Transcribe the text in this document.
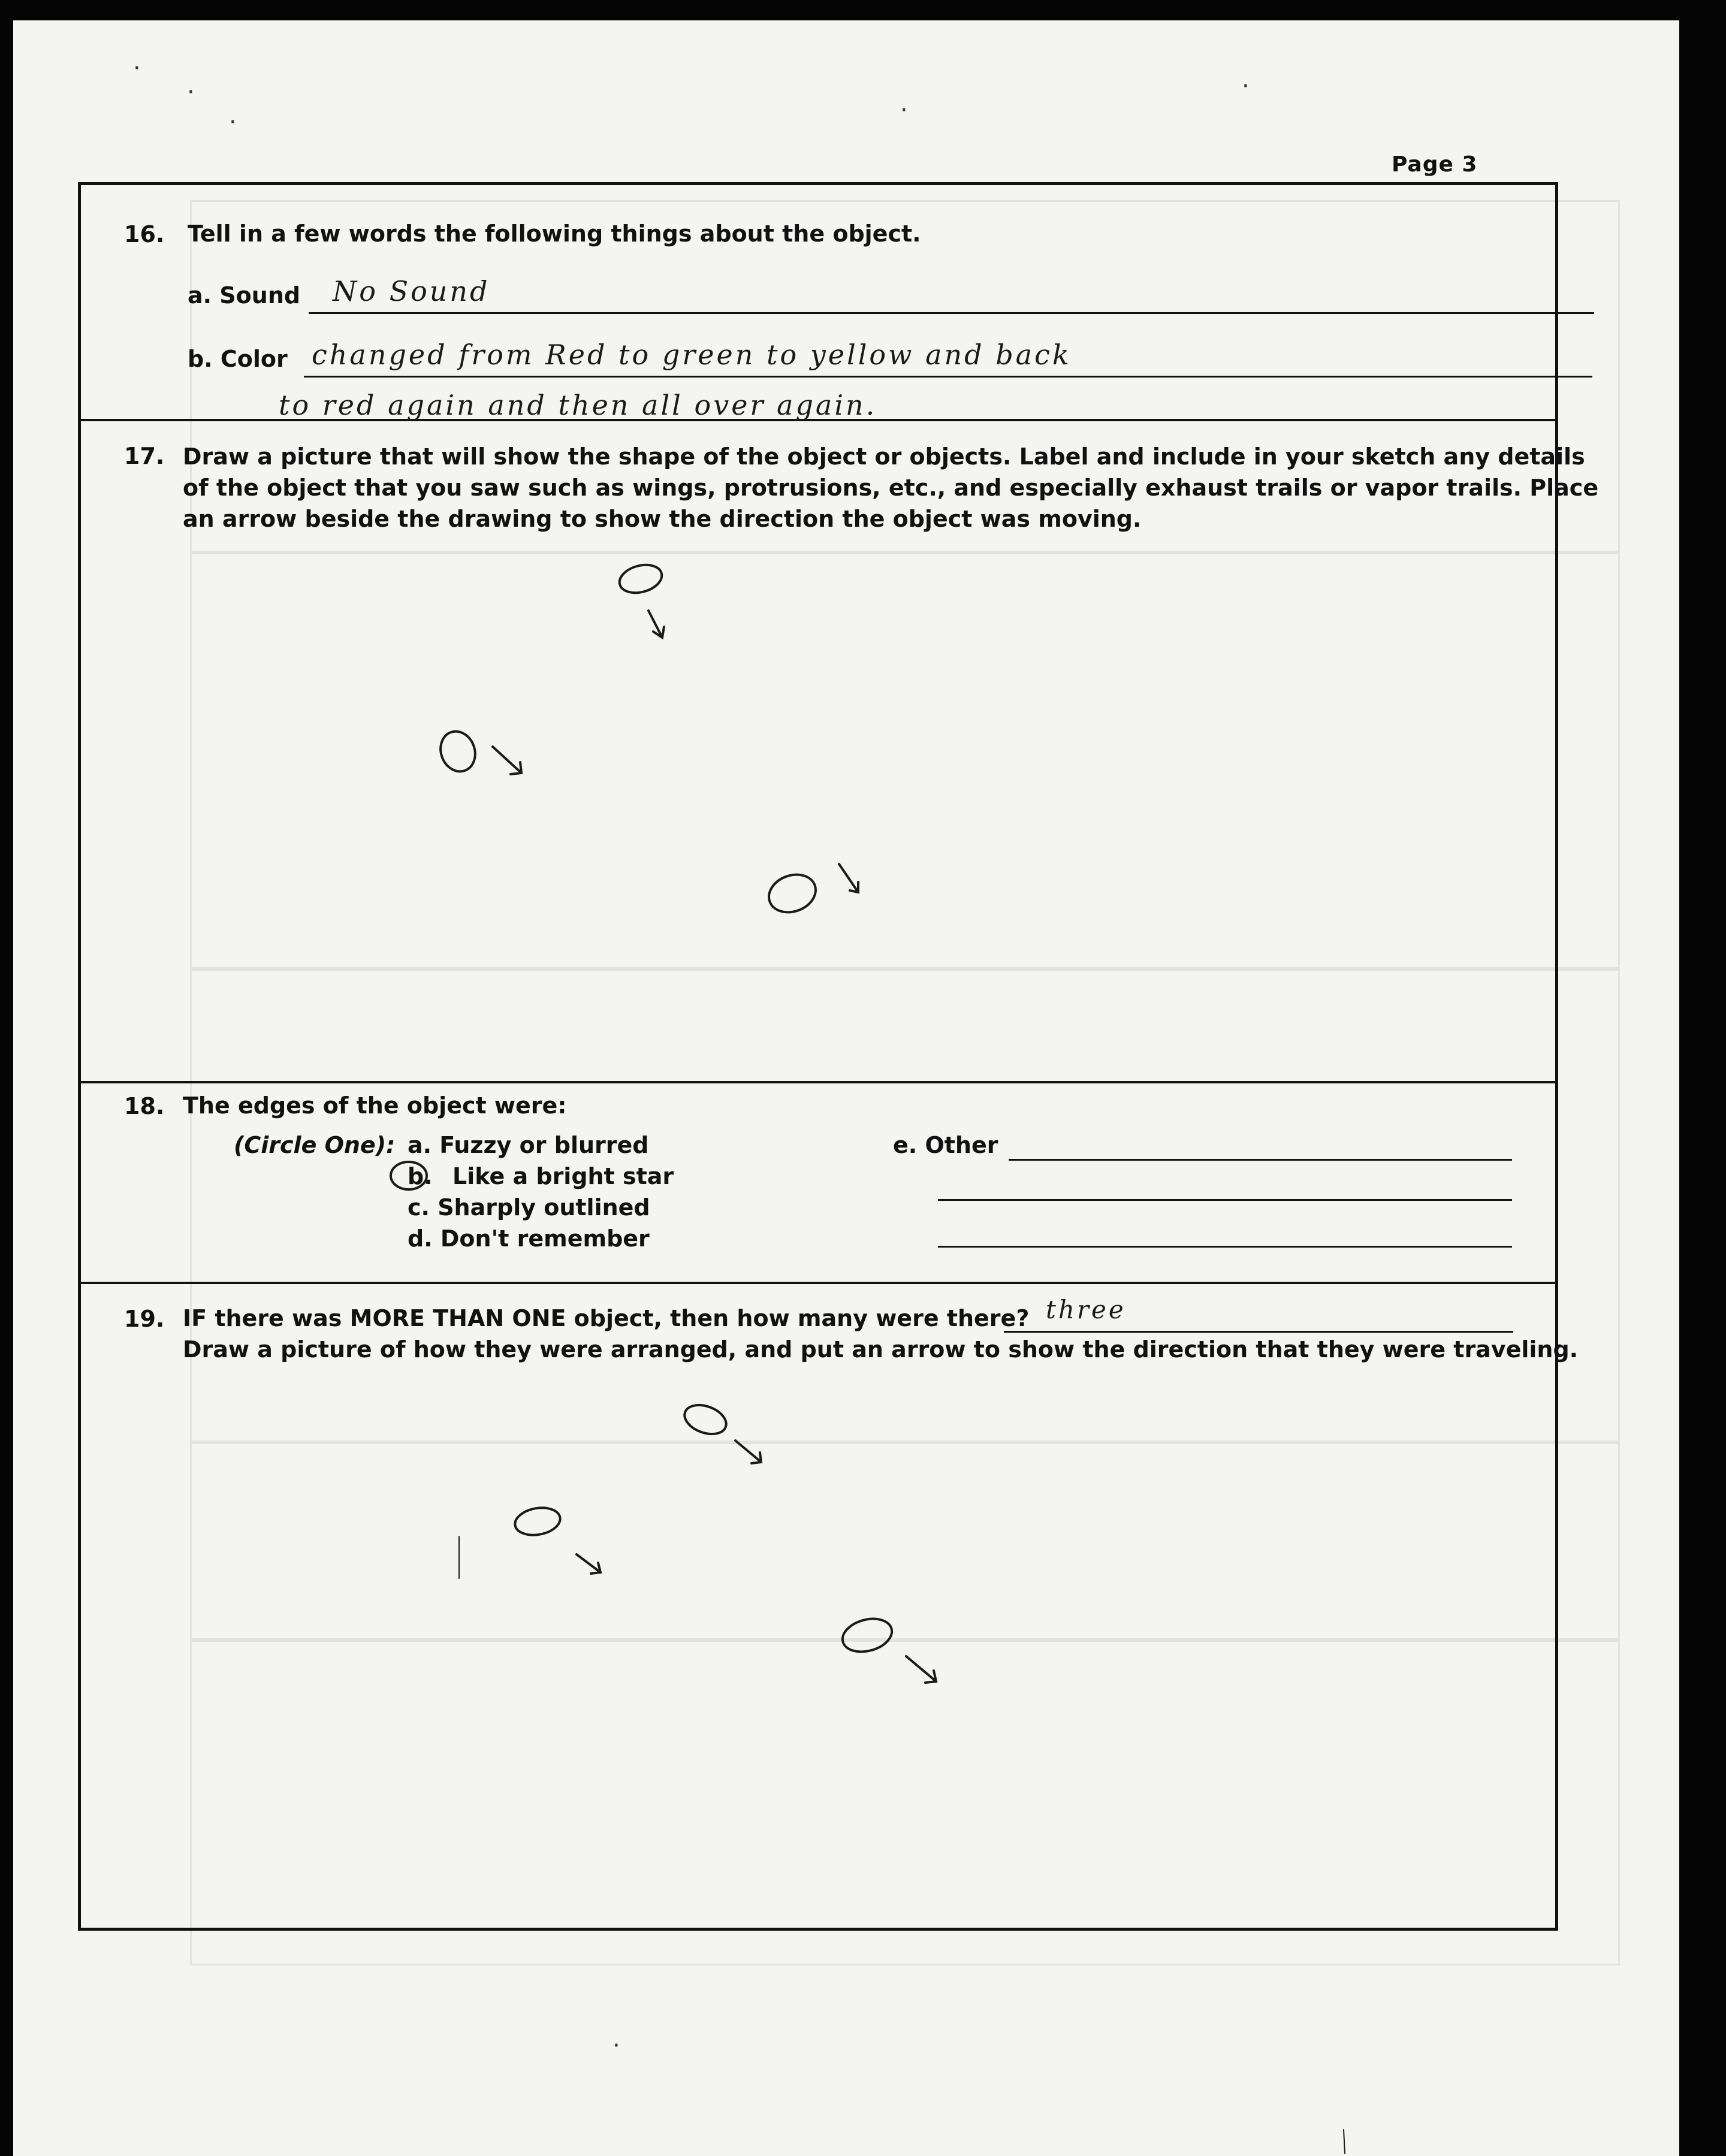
·
·
·	·
·
·
Page 3
16. Tell in a few words the following things about the object.
a. Sound No Sound
b. Color changed from Red to green to yellow and back
to red again and then all over again.
17. Draw a picture that will show the shape of the object or objects. Label and include in your sketch any details
of the object that you saw such as wings, protrusions, etc., and especially exhaust trails or vapor trails. Place
an arrow beside the drawing to show the direction the object was moving.
18. The edges of the object were:
(Circle One): a. Fuzzy or blurred
b. Like a bright star
c. Sharply outlined
d. Don't remember
e. Other
19. IF there was MORE THAN ONE object, then how many were there? three
Draw a picture of how they were arranged, and put an arrow to show the direction that they were traveling.
